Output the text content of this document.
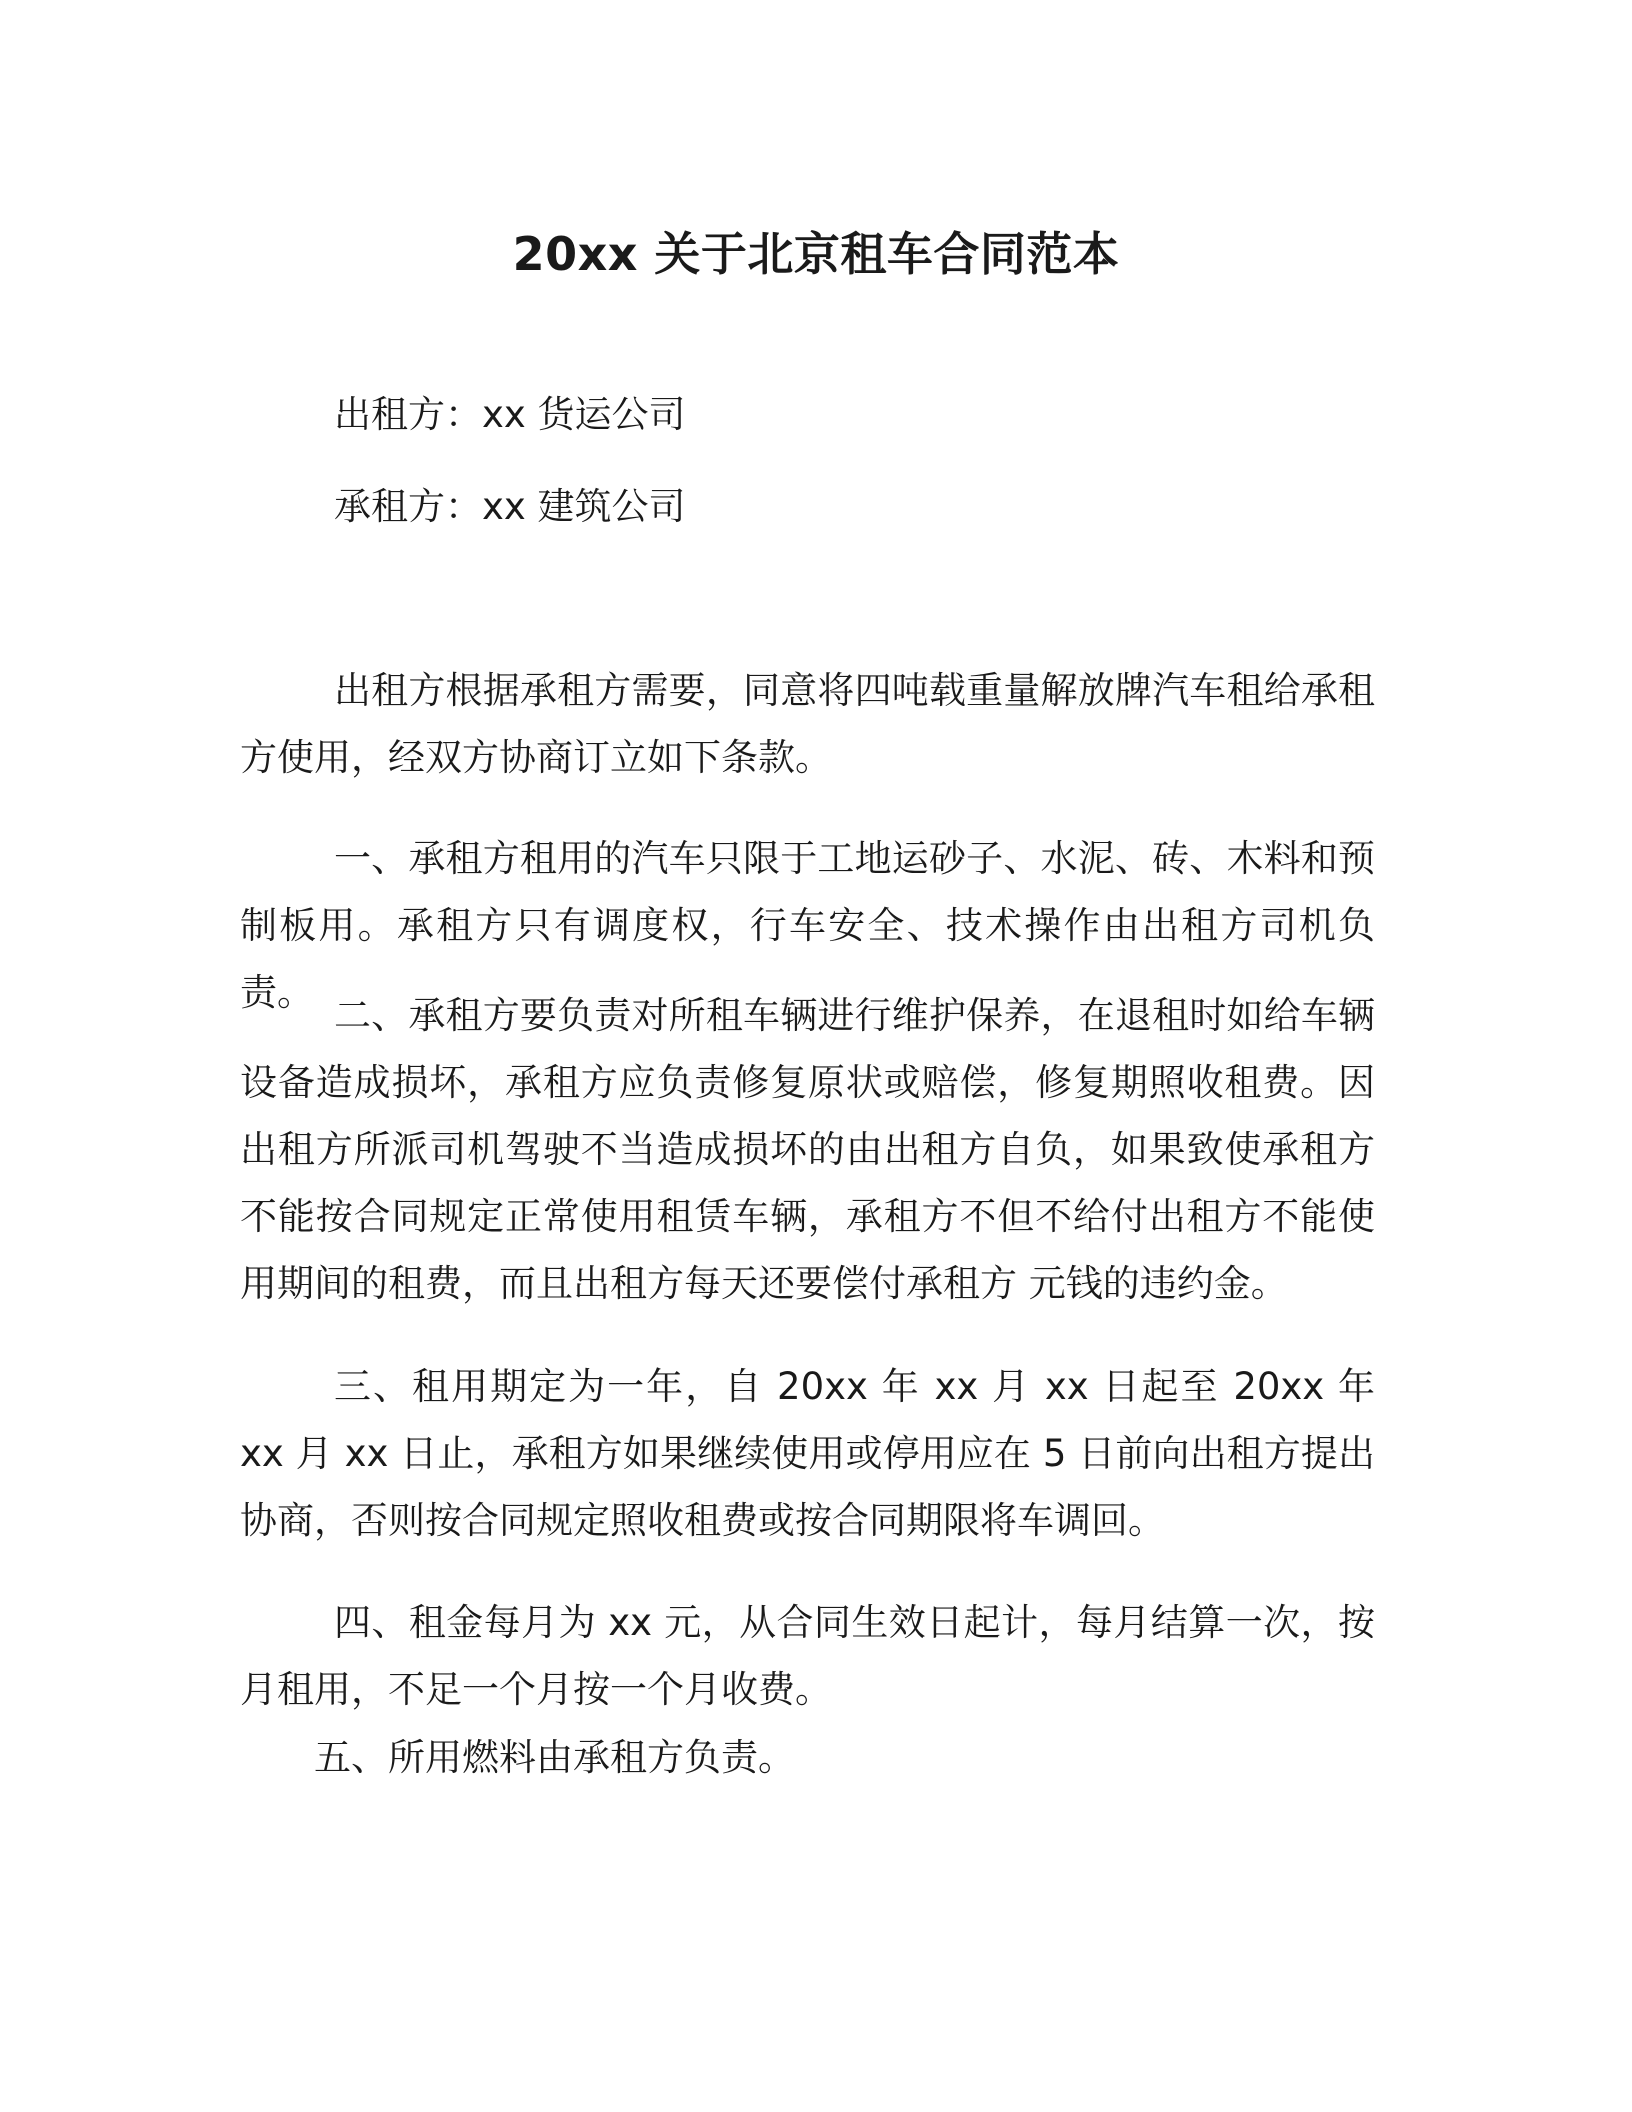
20xx 关于北京租车合同范本
出租方：xx 货运公司
承租方：xx 建筑公司

出租方根据承租方需要，同意将四吨载重量解放牌汽车租给承租方使用，经双方协商订立如下条款。

一、承租方租用的汽车只限于工地运砂子、水泥、砖、木料和预制板用。承租方只有调度权，行车安全、技术操作由出租方司机负责。

二、承租方要负责对所租车辆进行维护保养，在退租时如给车辆设备造成损坏，承租方应负责修复原状或赔偿，修复期照收租费。因出租方所派司机驾驶不当造成损坏的由出租方自负，如果致使承租方不能按合同规定正常使用租赁车辆，承租方不但不给付出租方不能使用期间的租费，而且出租方每天还要偿付承租方 元钱的违约金。

三、租用期定为一年，自 20xx 年 xx 月 xx 日起至 20xx 年 xx 月 xx 日止，承租方如果继续使用或停用应在 5 日前向出租方提出协商，否则按合同规定照收租费或按合同期限将车调回。

四、租金每月为 xx 元，从合同生效日起计，每月结算一次，按月租用，不足一个月按一个月收费。

五、所用燃料由承租方负责。
